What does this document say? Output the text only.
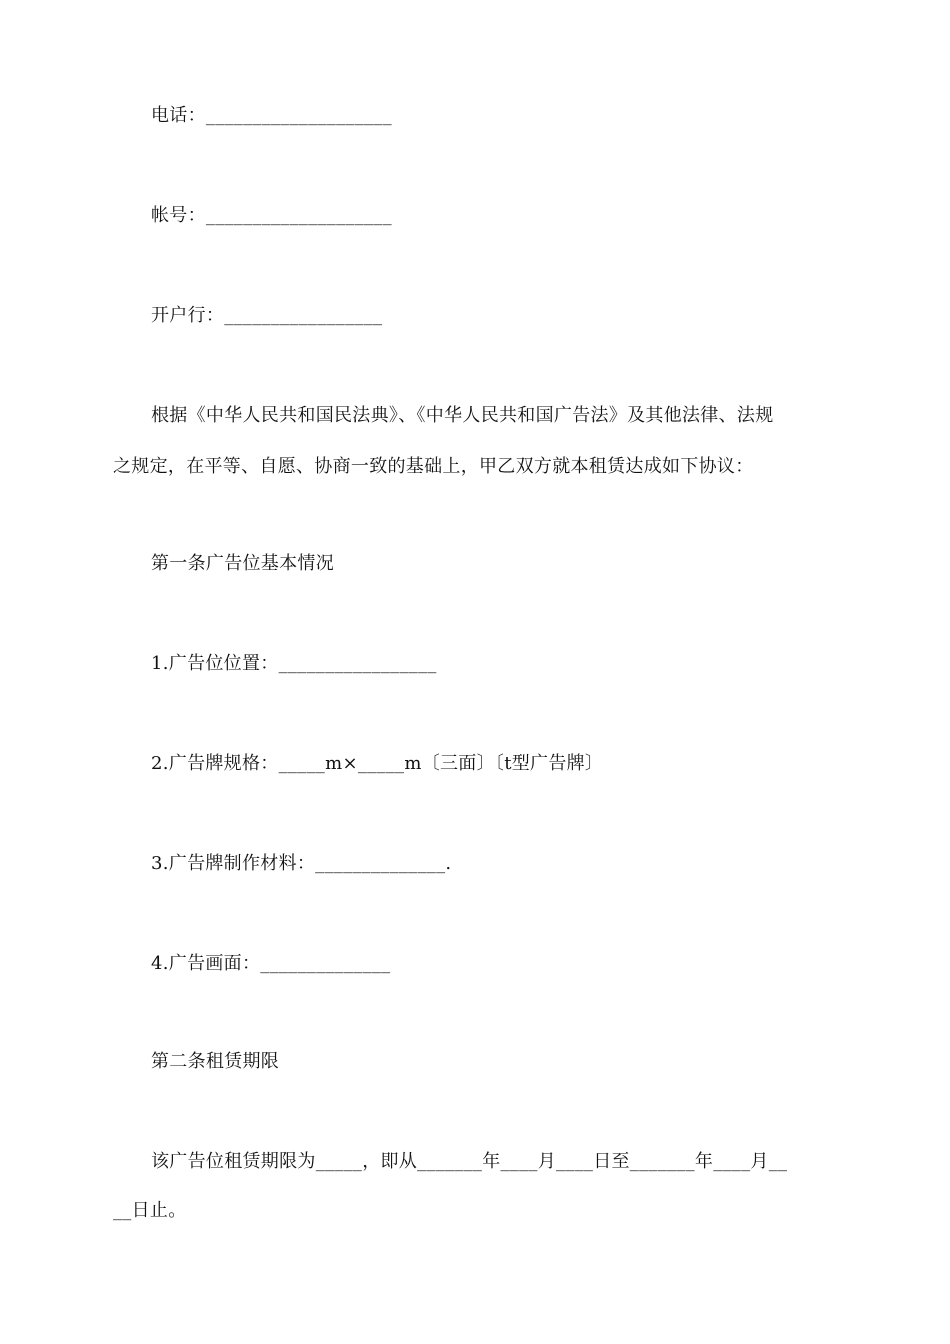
电话：____________________
帐号：____________________
开户行：_________________
根据《中华人民共和国民法典》、《中华人民共和国广告法》及其他法律、法规
之规定，在平等、自愿、协商一致的基础上，甲乙双方就本租赁达成如下协议：
第一条广告位基本情况
1.广告位位置：_________________
2.广告牌规格：_____m×_____m〔三面〕〔t型广告牌〕
3.广告牌制作材料：______________.
4.广告画面：______________
第二条租赁期限
该广告位租赁期限为_____，即从_______年____月____日至_______年____月__
__日止。
